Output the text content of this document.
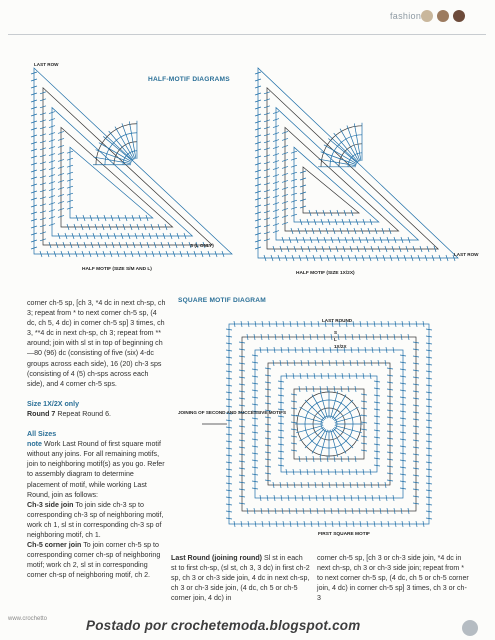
fashion
HALF-MOTIF DIAGRAMS
LAST ROW
S (L ONLY)
HALF MOTIF (SIZE S/M AND L)
LAST ROW
HALF MOTIF (SIZE 1X/2X)
SQUARE MOTIF DIAGRAM
LAST ROUND
S
L
1X/2X
JOINING OF SECOND AND SUCCESSIVE MOTIFS
FIRST SQUARE MOTIF

corner ch-5 sp, [ch 3, *4 dc in next ch-sp, ch 3; repeat from * to next corner ch-5 sp, (4 dc, ch 5, 4 dc) in corner ch-5 sp] 3 times, ch 3, **4 dc in next ch-sp, ch 3; repeat from ** around; join with sl st in top of beginning ch—80 (96) dc (consisting of five (six) 4-dc groups across each side), 16 (20) ch-3 sps (consisting of 4 (5) ch-sps across each side), and 4 corner ch-5 sps.

Size 1X/2X only

Round 7 Repeat Round 6.

All Sizes

note Work Last Round of first square motif without any joins. For all remaining motifs, join to neighboring motif(s) as you go. Refer to assembly diagram to determine placement of motif, while working Last Round, join as follows:

Ch-3 side join To join side ch-3 sp to corresponding ch-3 sp of neighboring motif, work ch 1, sl st in corresponding ch-3 sp of neighboring motif, ch 1.

Ch-5 corner join To join corner ch-5 sp to corresponding corner ch-sp of neighboring motif; work ch 2, sl st in corresponding corner ch-sp of neighboring motif, ch 2.

Last Round (joining round) Sl st in each st to first ch-sp, (sl st, ch 3, 3 dc) in first ch-2 sp, ch 3 or ch-3 side join, 4 dc in next ch-sp, ch 3 or ch-3 side join, (4 dc, ch 5 or ch-5 corner join, 4 dc) in

corner ch-5 sp, [ch 3 or ch-3 side join, *4 dc in next ch-sp, ch 3 or ch-3 side join; repeat from * to next corner ch-5 sp, (4 dc, ch 5 or ch-5 corner join, 4 dc) in corner ch-5 sp] 3 times, ch 3 or ch-3

www.crochetto	Postado por crochetemoda.blogspot.com
